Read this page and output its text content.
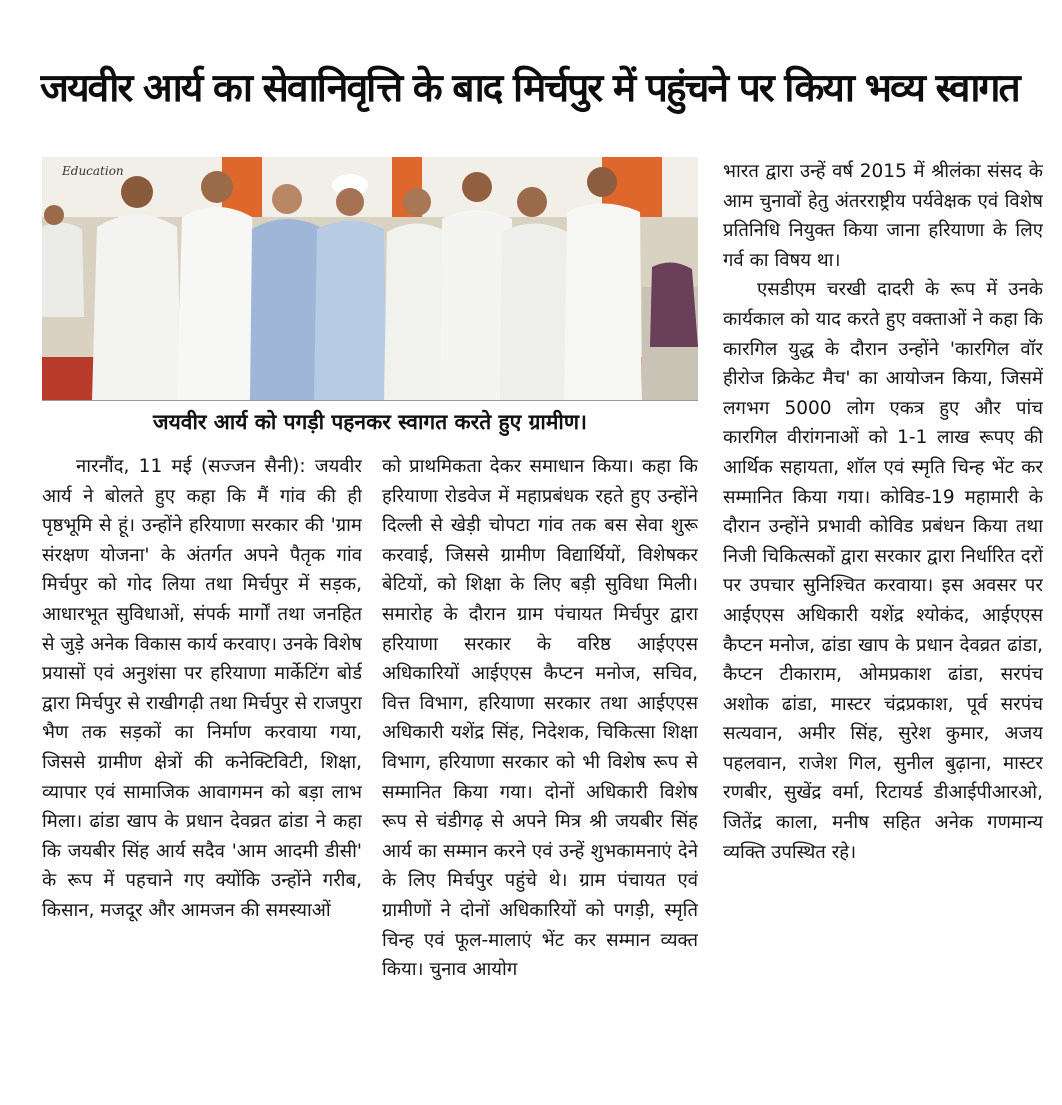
जयवीर आर्य का सेवानिवृत्ति के बाद मिर्चपुर में पहुंचने पर किया भव्य स्वागत
Education

जयवीर आर्य को पगड़ी पहनकर स्वागत करते हुए ग्रामीण।

नारनौंद, 11 मई (सज्जन सैनी): जयवीर आर्य ने बोलते हुए कहा कि मैं गांव की ही पृष्ठभूमि से हूं। उन्होंने हरियाणा सरकार की 'ग्राम संरक्षण योजना' के अंतर्गत अपने पैतृक गांव मिर्चपुर को गोद लिया तथा मिर्चपुर में सड़क, आधारभूत सुविधाओं, संपर्क मार्गों तथा जनहित से जुड़े अनेक विकास कार्य करवाए। उनके विशेष प्रयासों एवं अनुशंसा पर हरियाणा मार्केटिंग बोर्ड द्वारा मिर्चपुर से राखीगढ़ी तथा मिर्चपुर से राजपुरा भैण तक सड़कों का निर्माण करवाया गया, जिससे ग्रामीण क्षेत्रों की कनेक्टिविटी, शिक्षा, व्यापार एवं सामाजिक आवागमन को बड़ा लाभ मिला। ढांडा खाप के प्रधान देवव्रत ढांडा ने कहा कि जयबीर सिंह आर्य सदैव 'आम आदमी डीसी' के रूप में पहचाने गए क्योंकि उन्होंने गरीब, किसान, मजदूर और आमजन की समस्याओं

को प्राथमिकता देकर समाधान किया। कहा कि हरियाणा रोडवेज में महाप्रबंधक रहते हुए उन्होंने दिल्ली से खेड़ी चोपटा गांव तक बस सेवा शुरू करवाई, जिससे ग्रामीण विद्यार्थियों, विशेषकर बेटियों, को शिक्षा के लिए बड़ी सुविधा मिली। समारोह के दौरान ग्राम पंचायत मिर्चपुर द्वारा हरियाणा सरकार के वरिष्ठ आईएएस अधिकारियों आईएएस कैप्टन मनोज, सचिव, वित्त विभाग, हरियाणा सरकार तथा आईएएस अधिकारी यशेंद्र सिंह, निदेशक, चिकित्सा शिक्षा विभाग, हरियाणा सरकार को भी विशेष रूप से सम्मानित किया गया। दोनों अधिकारी विशेष रूप से चंडीगढ़ से अपने मित्र श्री जयबीर सिंह आर्य का सम्मान करने एवं उन्हें शुभकामनाएं देने के लिए मिर्चपुर पहुंचे थे। ग्राम पंचायत एवं ग्रामीणों ने दोनों अधिकारियों को पगड़ी, स्मृति चिन्ह एवं फूल-मालाएं भेंट कर सम्मान व्यक्त किया। चुनाव आयोग

भारत द्वारा उन्हें वर्ष 2015 में श्रीलंका संसद के आम चुनावों हेतु अंतरराष्ट्रीय पर्यवेक्षक एवं विशेष प्रतिनिधि नियुक्त किया जाना हरियाणा के लिए गर्व का विषय था।

एसडीएम चरखी दादरी के रूप में उनके कार्यकाल को याद करते हुए वक्ताओं ने कहा कि कारगिल युद्ध के दौरान उन्होंने 'कारगिल वॉर हीरोज क्रिकेट मैच' का आयोजन किया, जिसमें लगभग 5000 लोग एकत्र हुए और पांच कारगिल वीरांगनाओं को 1-1 लाख रूपए की आर्थिक सहायता, शॉल एवं स्मृति चिन्ह भेंट कर सम्मानित किया गया। कोविड-19 महामारी के दौरान उन्होंने प्रभावी कोविड प्रबंधन किया तथा निजी चिकित्सकों द्वारा सरकार द्वारा निर्धारित दरों पर उपचार सुनिश्चित करवाया। इस अवसर पर आईएएस अधिकारी यशेंद्र श्योकंद, आईएएस कैप्टन मनोज, ढांडा खाप के प्रधान देवव्रत ढांडा, कैप्टन टीकाराम, ओमप्रकाश ढांडा, सरपंच अशोक ढांडा, मास्टर चंद्रप्रकाश, पूर्व सरपंच सत्यवान, अमीर सिंह, सुरेश कुमार, अजय पहलवान, राजेश गिल, सुनील बुढ़ाना, मास्टर रणबीर, सुखेंद्र वर्मा, रिटायर्ड डीआईपीआरओ, जितेंद्र काला, मनीष सहित अनेक गणमान्य व्यक्ति उपस्थित रहे।
